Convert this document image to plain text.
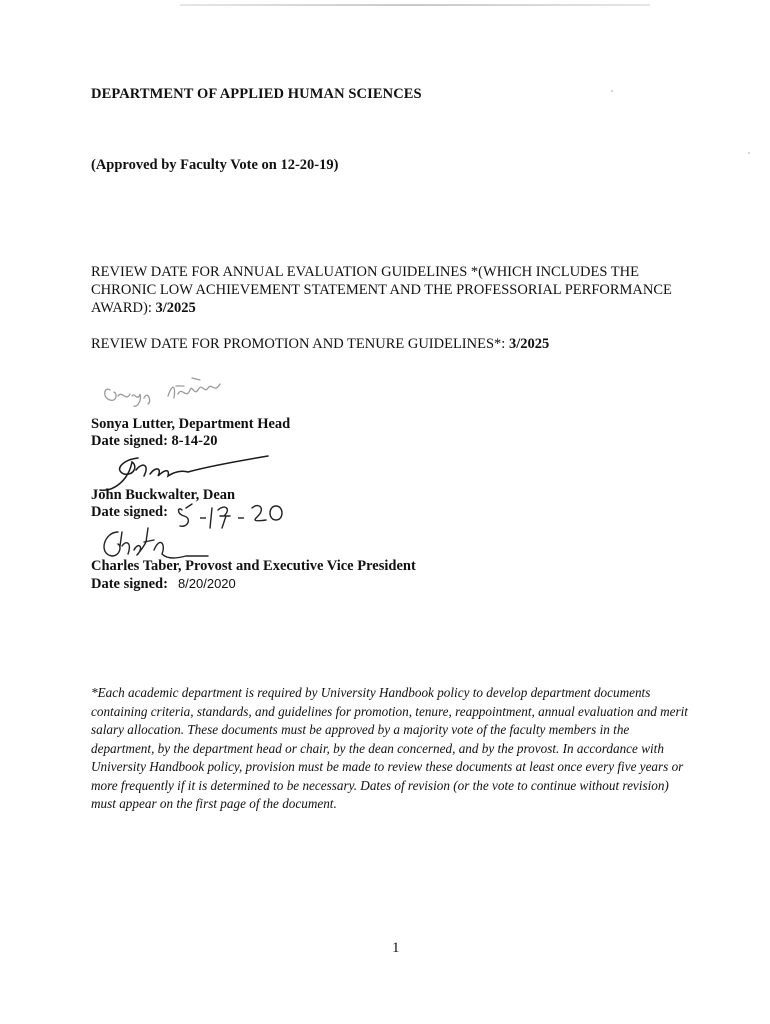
DEPARTMENT OF APPLIED HUMAN SCIENCES
(Approved by Faculty Vote on 12-20-19)
REVIEW DATE FOR ANNUAL EVALUATION GUIDELINES *(WHICH INCLUDES THE CHRONIC LOW ACHIEVEMENT STATEMENT AND THE PROFESSORIAL PERFORMANCE AWARD): 3/2025
REVIEW DATE FOR PROMOTION AND TENURE GUIDELINES*: 3/2025
Sonya Lutter, Department Head
Date signed: 8-14-20
John Buckwalter, Dean
Date signed:
Charles Taber, Provost and Executive Vice President
Date signed: 8/20/2020
*Each academic department is required by University Handbook policy to develop department documents containing criteria, standards, and guidelines for promotion, tenure, reappointment, annual evaluation and merit salary allocation. These documents must be approved by a majority vote of the faculty members in the department, by the department head or chair, by the dean concerned, and by the provost. In accordance with University Handbook policy, provision must be made to review these documents at least once every five years or more frequently if it is determined to be necessary. Dates of revision (or the vote to continue without revision) must appear on the first page of the document.
1
